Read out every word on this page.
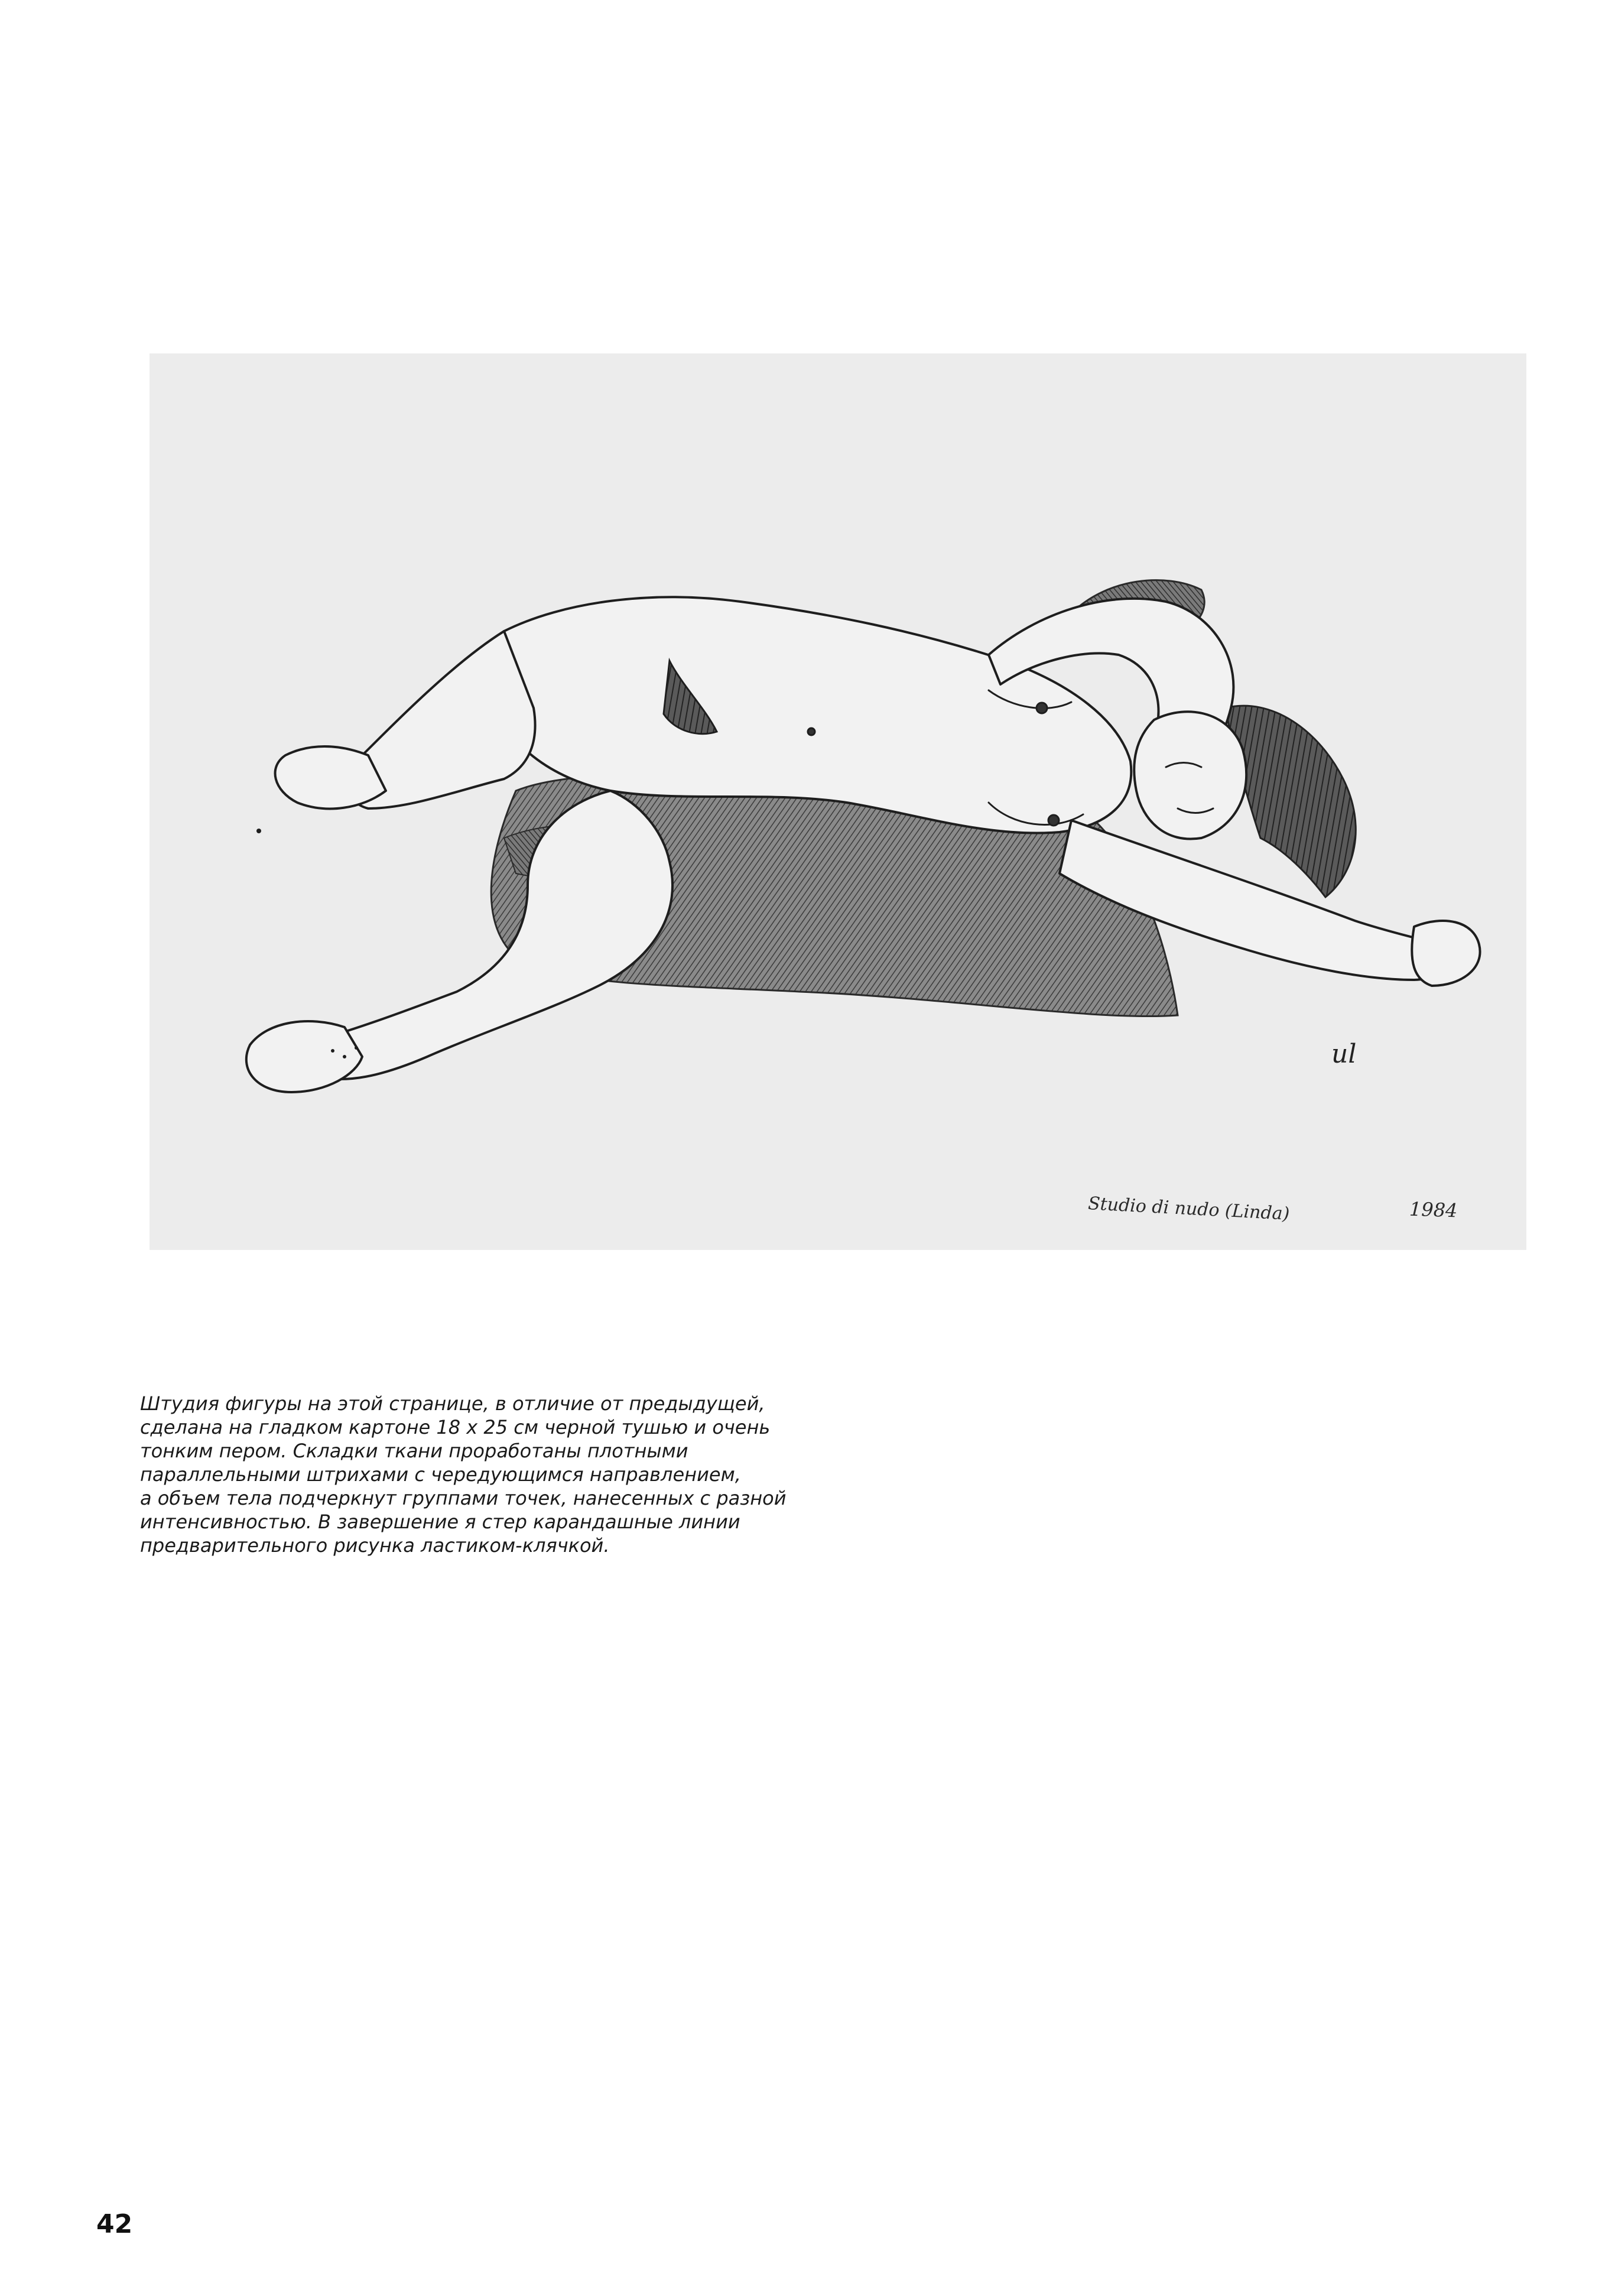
ul
Studio di nudo (Linda)	1984
Штудия фигуры на этой странице, в отличие от предыдущей,
сделана на гладком картоне 18 х 25 см черной тушью и очень
тонким пером. Складки ткани проработаны плотными
параллельными штрихами с чередующимся направлением,
а объем тела подчеркнут группами точек, нанесенных с разной
интенсивностью. В завершение я стер карандашные линии
предварительного рисунка ластиком-клячкой.
42
